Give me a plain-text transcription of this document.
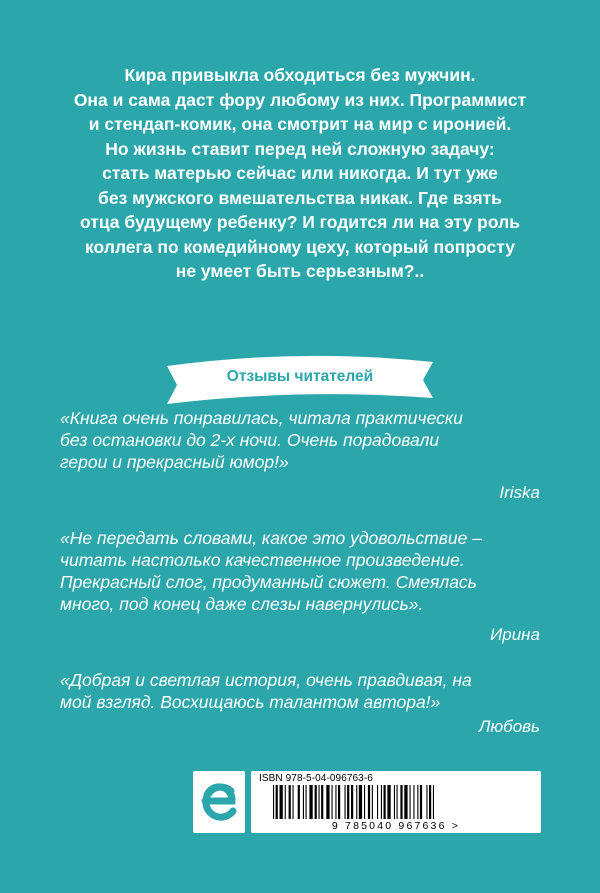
Кира привыкла обходиться без мужчин.
Она и сама даст фору любому из них. Программист
и стендап-комик, она смотрит на мир с иронией.
Но жизнь ставит перед ней сложную задачу:
стать матерью сейчас или никогда. И тут уже
без мужского вмешательства никак. Где взять
отца будущему ребенку? И годится ли на эту роль
коллега по комедийному цеху, который попросту
не умеет быть серьезным?..
Отзывы читателей
«Книга очень понравилась, читала практически
без остановки до 2-х ночи. Очень порадовали
герои и прекрасный юмор!»
Iriska
«Не передать словами, какое это удовольствие –
читать настолько качественное произведение.
Прекрасный слог, продуманный сюжет. Смеялась
много, под конец даже слезы навернулись».
Ирина
«Добрая и светлая история, очень правдивая, на
мой взгляд. Восхищаюсь талантом автора!»
Любовь
ISBN 978-5-04-096763-6
9 785040 967636 >
